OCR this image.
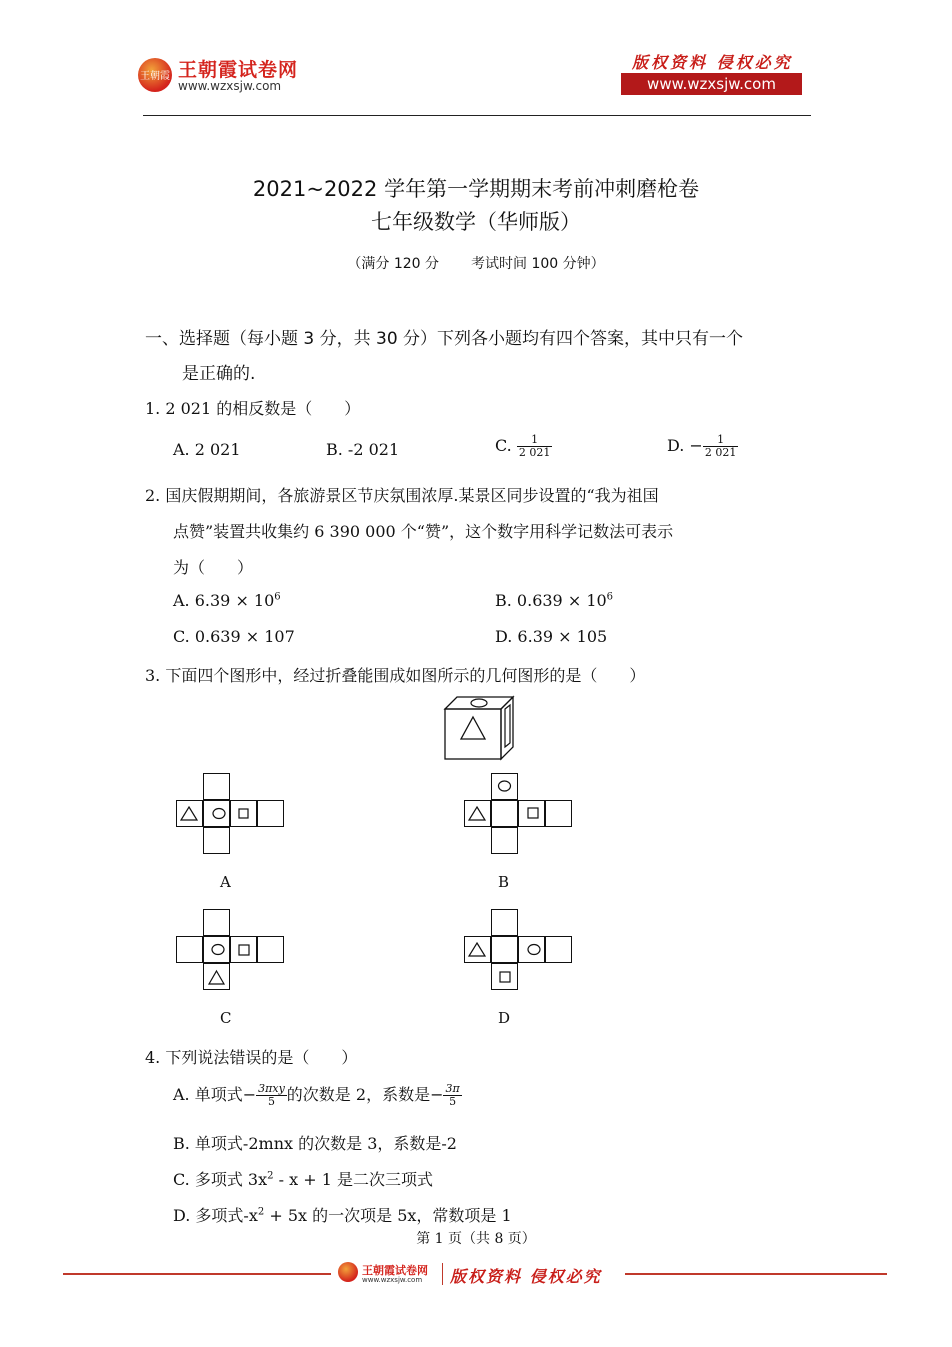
王朝霞 王朝霞试卷网
www.wzxsjw.com
版权资料 侵权必究
www.wzxsjw.com
2021~2022 学年第一学期期末考前冲刺磨枪卷
七年级数学（华师版）
（满分 120 分 考试时间 100 分钟）
一、选择题（每小题 3 分，共 30 分）下列各小题均有四个答案，其中只有一个
是正确的.
1. 2 021 的相反数是（　　）
A. 2 021	B. -2 021	C. $\frac{1}{2 021}$	D. − $\frac{1}{2 021}$
2. 国庆假期期间，各旅游景区节庆氛围浓厚.某景区同步设置的“我为祖国
点赞”装置共收集约 6 390 000 个“赞”，这个数字用科学记数法可表示
为（　　）
A. $6.39 \times 10^6$	B. $0.639 \times 10^6$
C. 0.639 × 107	D. 6.39 × 105
3. 下面四个图形中，经过折叠能围成如图所示的几何图形的是（　　）
A	B
C	D
4. 下列说法错误的是（　　）
A. 单项式− $\frac{\text{3πxy}}{5}$ 的次数是 2，系数是− $\frac{3\pi}{5}$
B. 单项式-2mnx 的次数是 3，系数是-2
C. 多项式 $3x^2 - x + 1$ 是二次三项式
D. 多项式$-x^2 + 5x$ 的一次项是 5x，常数项是 1
第 1 页（共 8 页）
王朝霞试卷网
www.wzxsjw.com 版权资料 侵权必究
